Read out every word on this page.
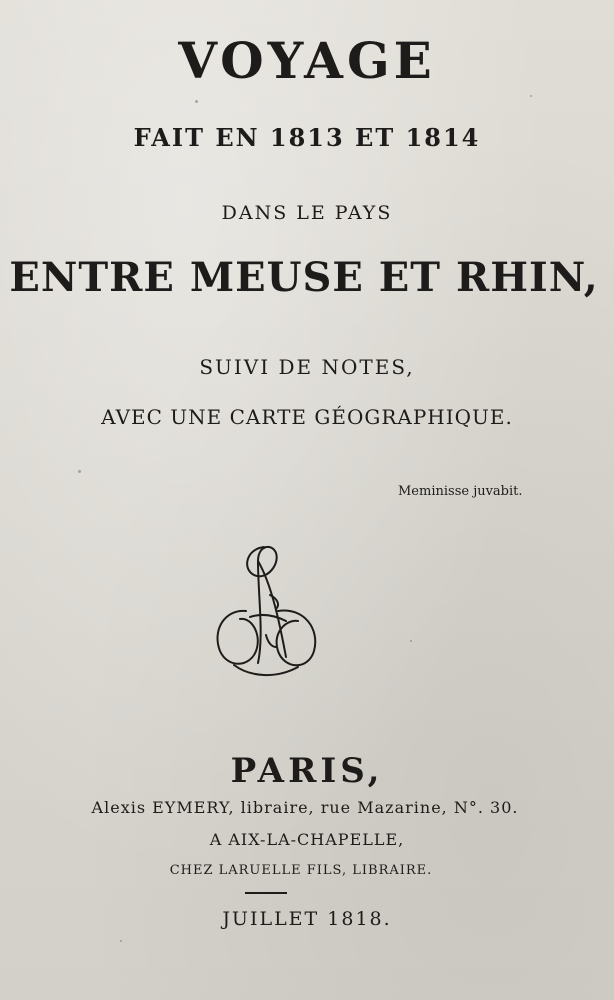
VOYAGE
FAIT EN 1813 ET 1814
DANS LE PAYS
ENTRE MEUSE ET RHIN,
SUIVI DE NOTES,
AVEC UNE CARTE GÉOGRAPHIQUE.
Meminisse juvabit.
PARIS,
Alexis EYMERY, libraire, rue Mazarine, N°. 30.
A AIX-LA-CHAPELLE,
CHEZ LARUELLE FILS, LIBRAIRE.
JUILLET 1818.
